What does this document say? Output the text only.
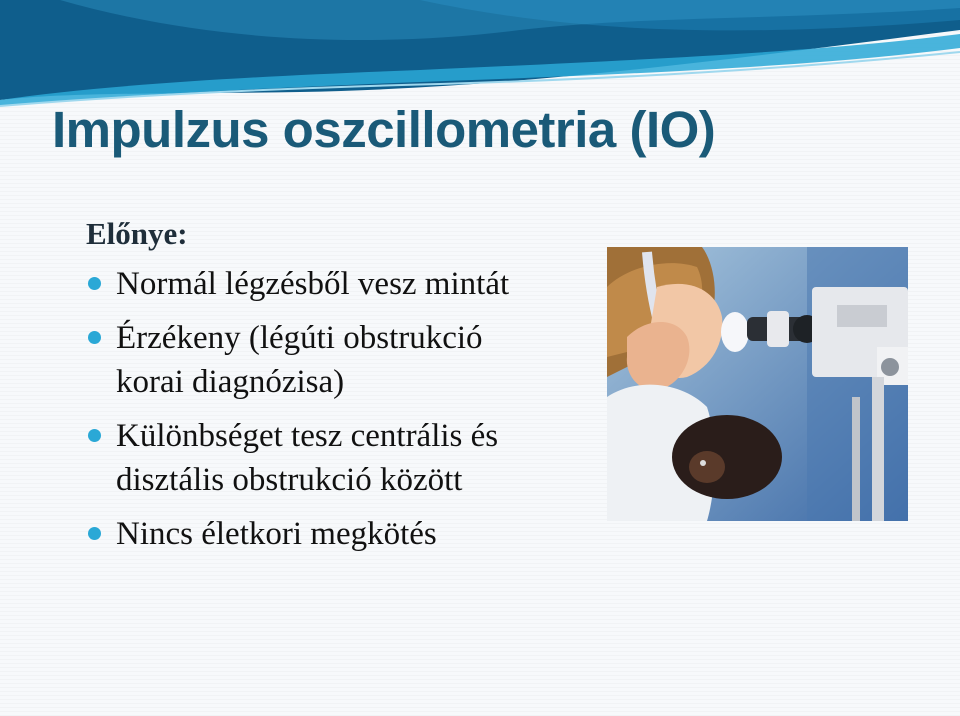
Impulzus oszcillometria (IO)
Előnye:
Normál légzésből vesz mintát
Érzékeny (légúti obstrukció korai diagnózisa)
Különbséget tesz centrális és disztális obstrukció között
Nincs életkori megkötés
